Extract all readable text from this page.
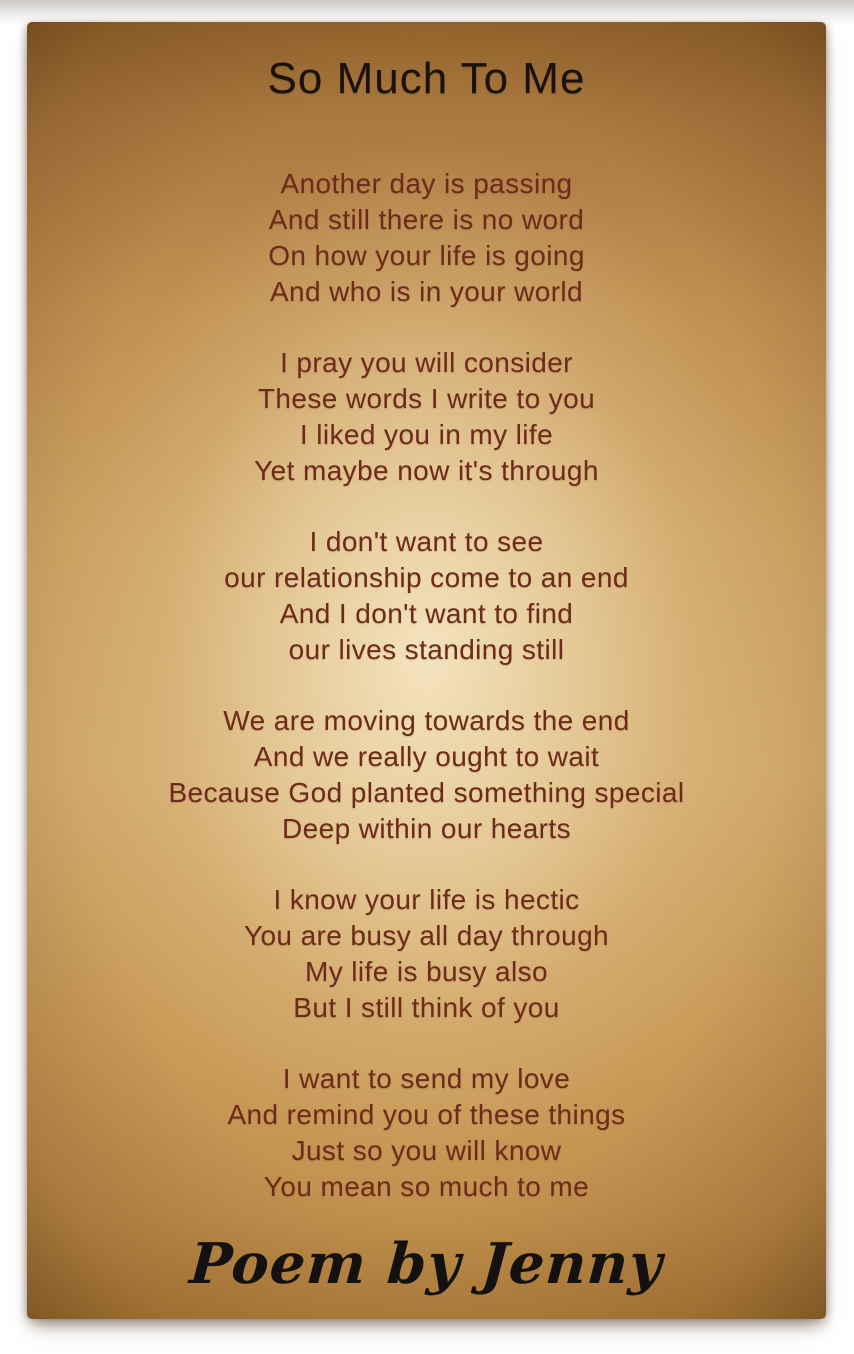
So Much To Me
Another day is passing
And still there is no word
On how your life is going
And who is in your world
I pray you will consider
These words I write to you
I liked you in my life
Yet maybe now it's through
I don't want to see
our relationship come to an end
And I don't want to find
our lives standing still
We are moving towards the end
And we really ought to wait
Because God planted something special
Deep within our hearts
I know your life is hectic
You are busy all day through
My life is busy also
But I still think of you
I want to send my love
And remind you of these things
Just so you will know
You mean so much to me
Poem by Jenny
